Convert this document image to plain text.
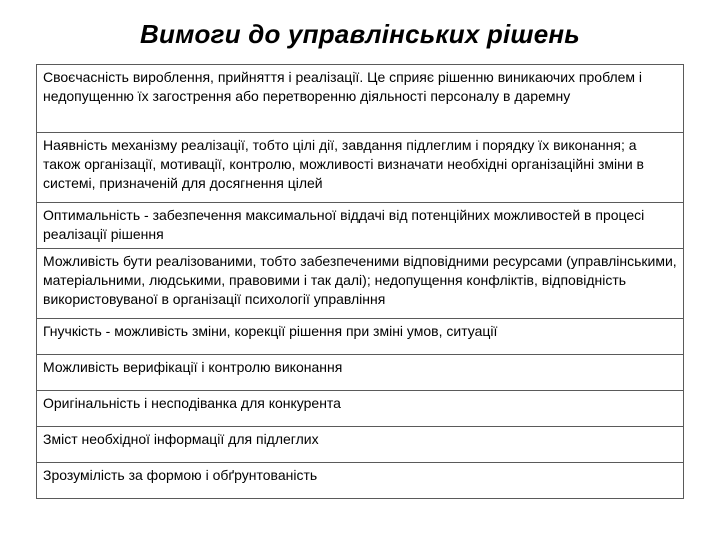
Вимоги до управлінських рішень
Своєчасність вироблення, прийняття і реалізації. Це сприяє рішенню виникаючих проблем і недопущенню їх загострення або перетворенню діяльності персоналу в даремну
Наявність механізму реалізації, тобто цілі дії, завдання підлеглим і порядку їх виконання; а також організації, мотивації, контролю, можливості визначати необхідні організаційні зміни в системі, призначеній для досягнення цілей
Оптимальність - забезпечення максимальної віддачі від потенційних можливостей в процесі реалізації рішення
Можливість бути реалізованими, тобто забезпеченими відповідними ресурсами (управлінськими, матеріальними, людськими, правовими і так далі); недопущення конфліктів, відповідність використовуваної в організації психології управління
Гнучкість - можливість зміни, корекції рішення при зміні умов, ситуації
Можливість верифікації і контролю виконання
Оригінальність і несподіванка для конкурента
Зміст необхідної інформації для підлеглих
Зрозумілість за формою і обґрунтованість
